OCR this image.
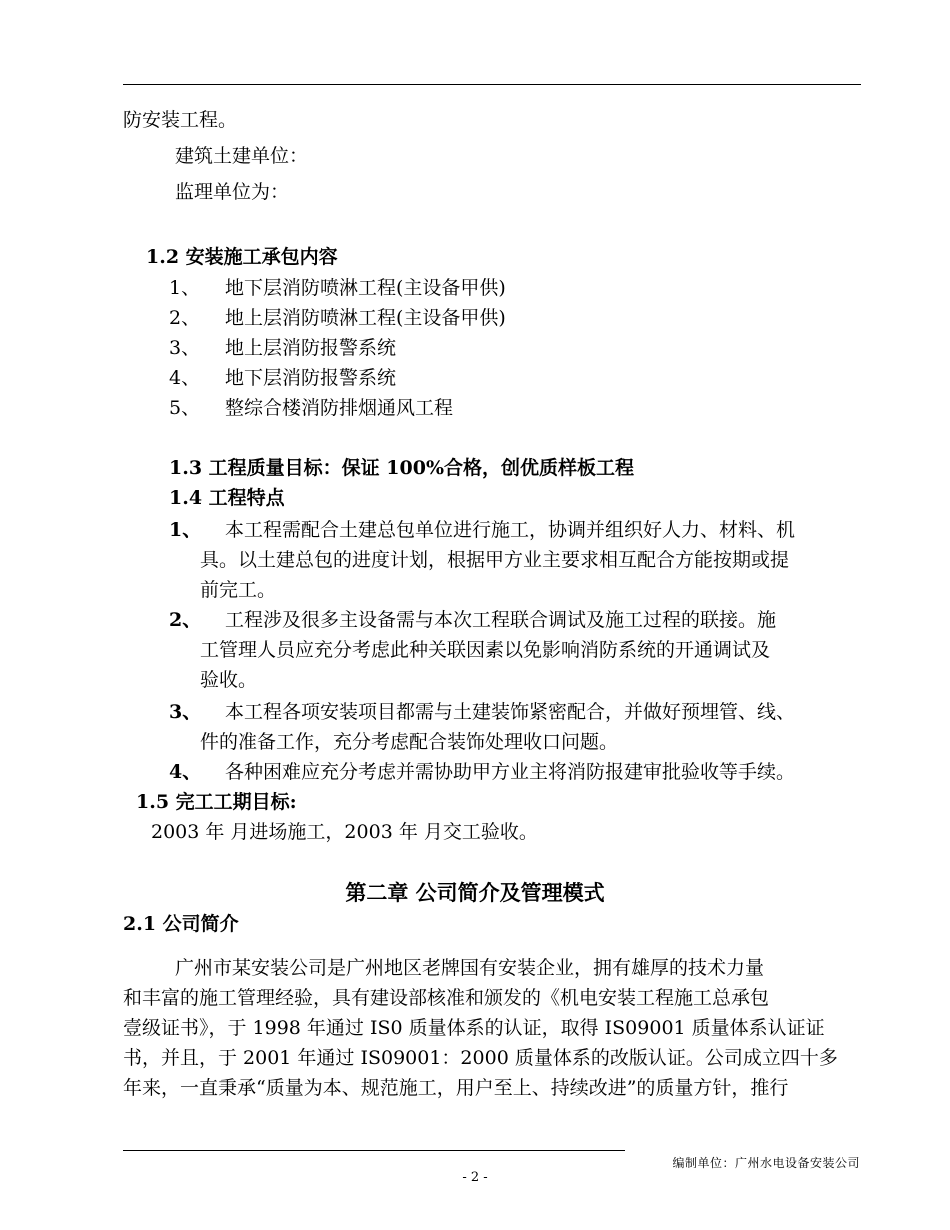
防安装工程。
建筑土建单位：
监理单位为：
1.2 安装施工承包内容
1、 地下层消防喷淋工程(主设备甲供)
2、 地上层消防喷淋工程(主设备甲供)
3、 地上层消防报警系统
4、 地下层消防报警系统
5、 整综合楼消防排烟通风工程
1.3 工程质量目标：保证 100%合格，创优质样板工程
1.4 工程特点
1、 本工程需配合土建总包单位进行施工，协调并组织好人力、材料、机
具。以土建总包的进度计划，根据甲方业主要求相互配合方能按期或提
前完工。
2、 工程涉及很多主设备需与本次工程联合调试及施工过程的联接。施
工管理人员应充分考虑此种关联因素以免影响消防系统的开通调试及
验收。
3、 本工程各项安装项目都需与土建装饰紧密配合，并做好预埋管、线、
件的准备工作，充分考虑配合装饰处理收口问题。
4、 各种困难应充分考虑并需协助甲方业主将消防报建审批验收等手续。
1.5 完工工期目标:
2003 年 月进场施工，2003 年 月交工验收。
第二章 公司简介及管理模式
2.1 公司简介
广州市某安装公司是广州地区老牌国有安装企业，拥有雄厚的技术力量
和丰富的施工管理经验，具有建设部核准和颁发的《机电安装工程施工总承包
壹级证书》，于 1998 年通过 IS0 质量体系的认证，取得 IS09001 质量体系认证证
书，并且，于 2001 年通过 IS09001：2000 质量体系的改版认证。公司成立四十多
年来，一直秉承“质量为本、规范施工，用户至上、持续改进”的质量方针，推行
编制单位：广州水电设备安装公司
- 2 -
